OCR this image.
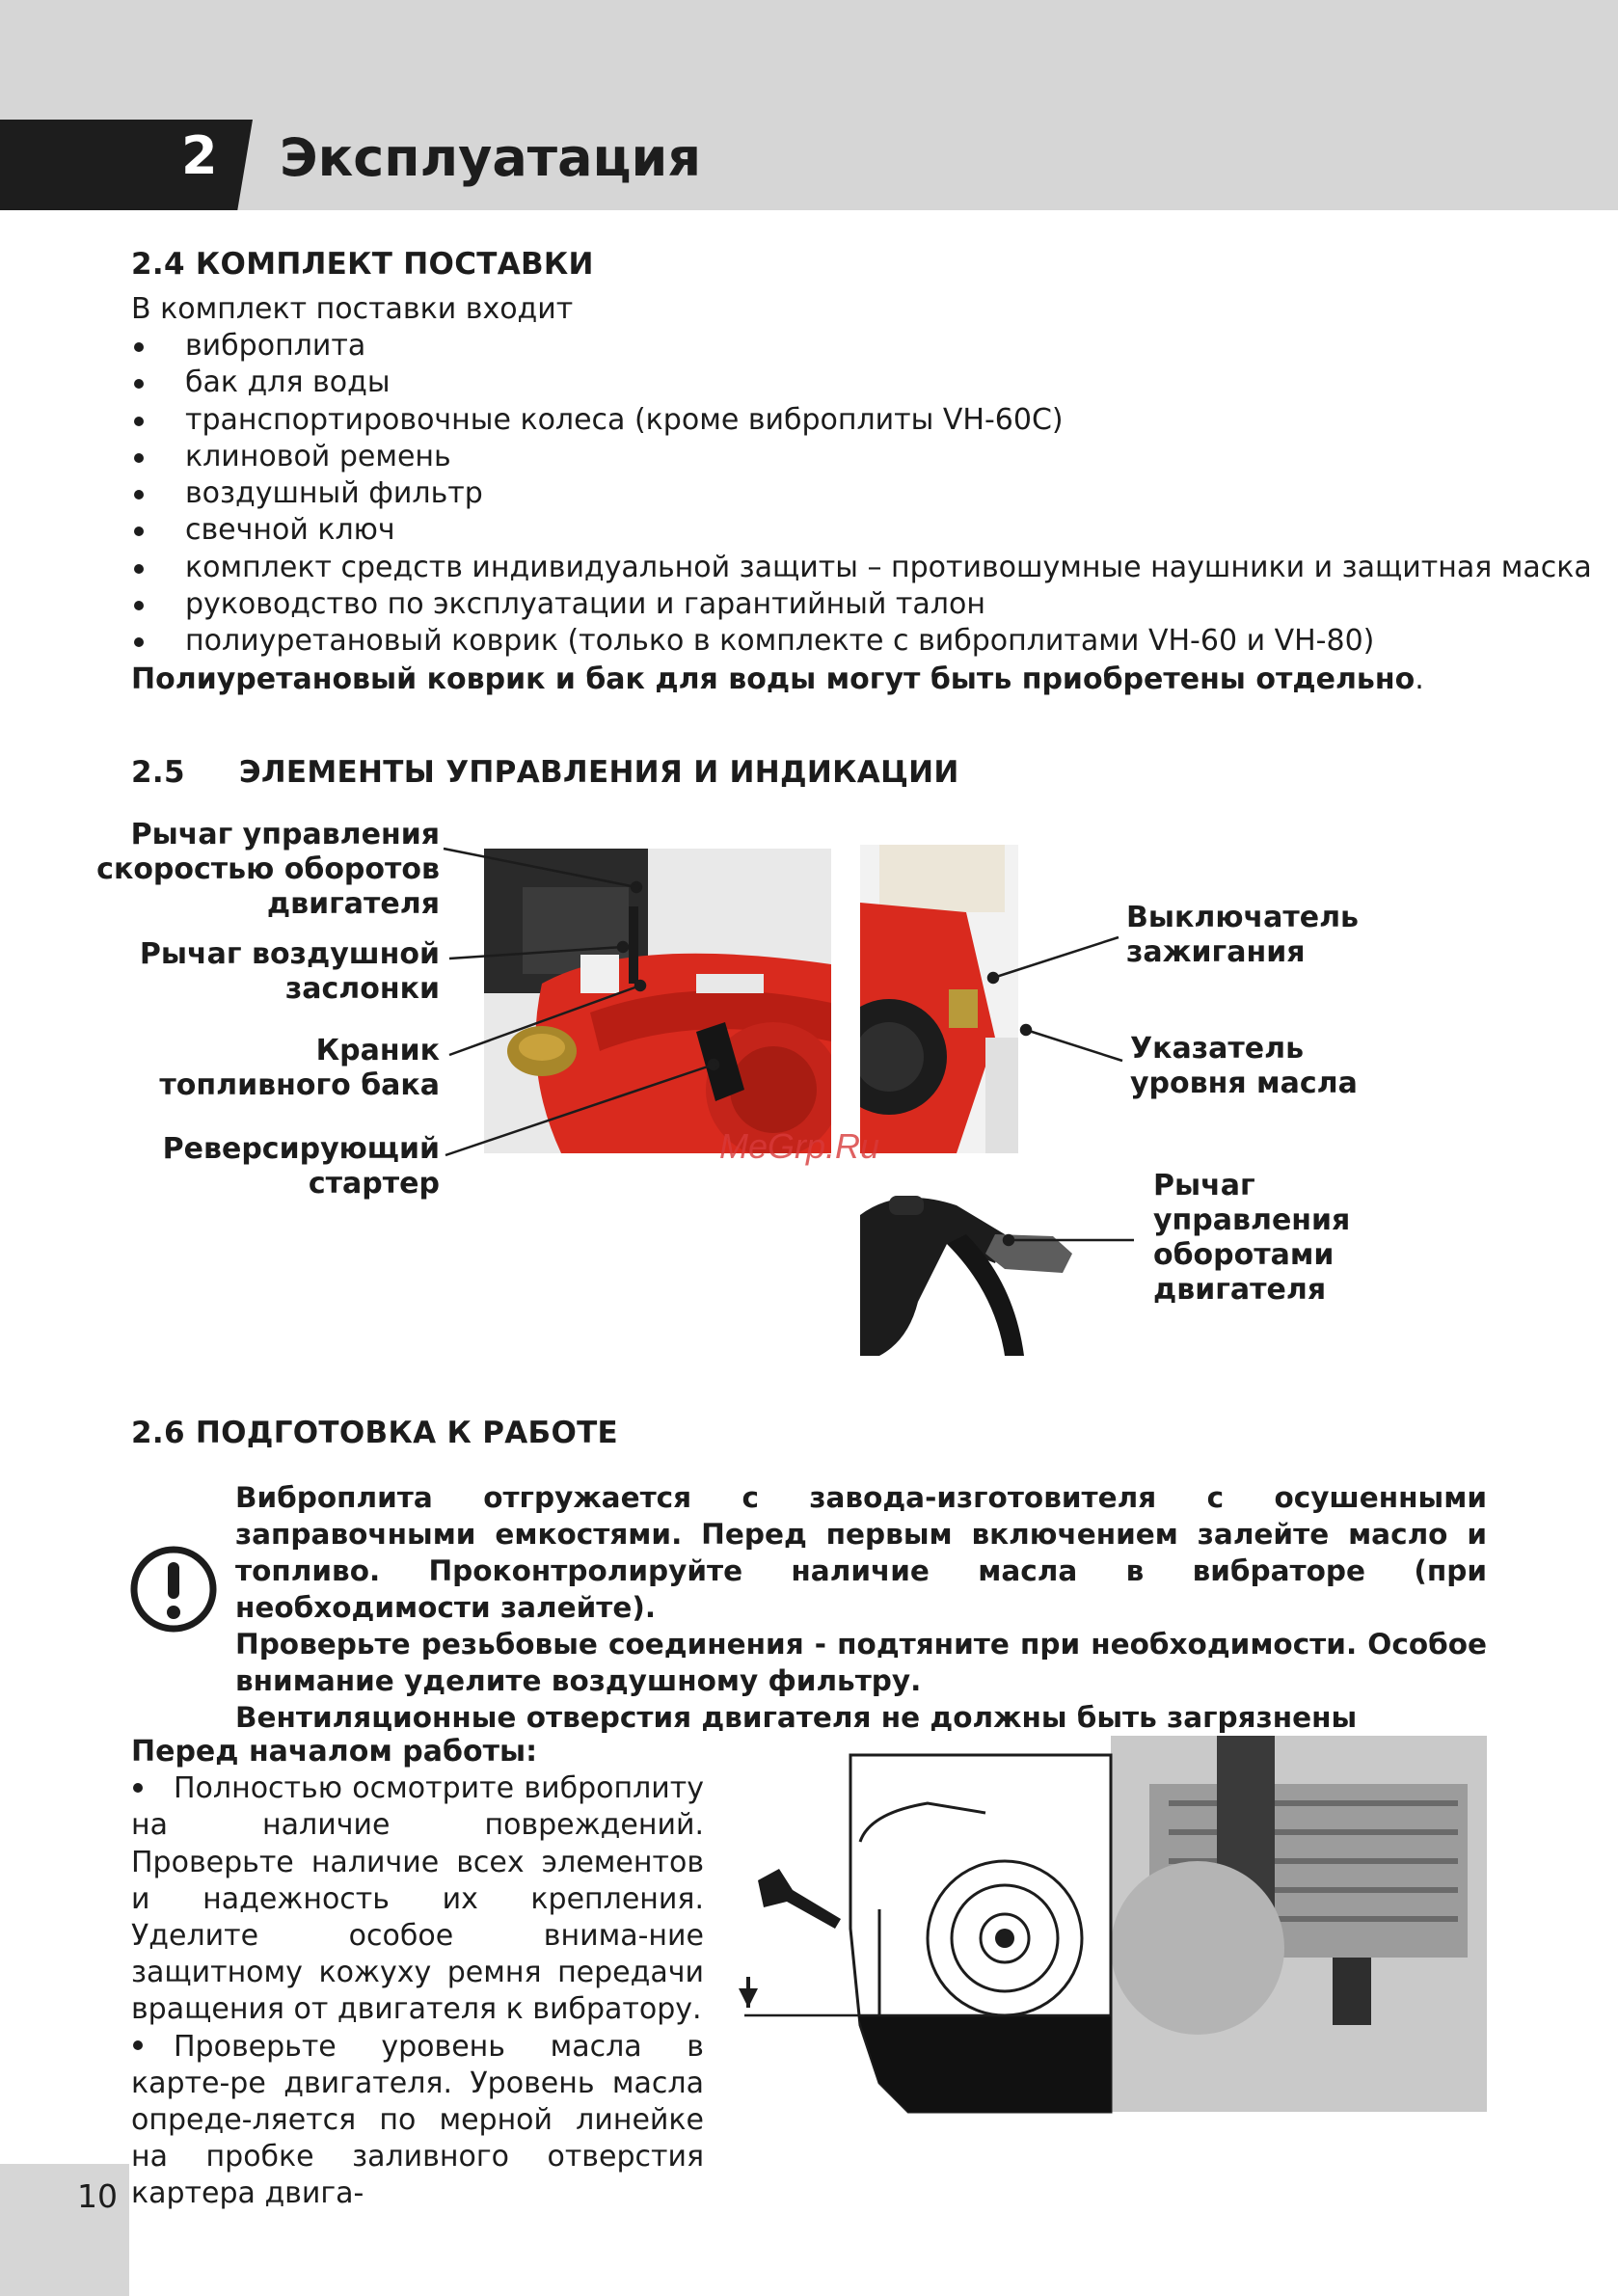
2 Эксплуатация
2.4 КОМПЛЕКТ ПОСТАВКИ
В комплект поставки входит
виброплита
бак для воды
транспортировочные колеса (кроме виброплиты VH-60C)
клиновой ремень
воздушный фильтр
свечной ключ
комплект средств индивидуальной защиты – противошумные наушники и защитная маска
руководство по эксплуатации и гарантийный талон
полиуретановый коврик (только в комплекте с виброплитами VH-60 и VH-80)
Полиуретановый коврик и бак для воды могут быть приобретены отдельно.
2.5 ЭЛЕМЕНТЫ УПРАВЛЕНИЯ И ИНДИКАЦИИ
Рычаг управления
скоростью оборотов
двигателя
Рычаг воздушной
заслонки
Краник
топливного бака
Реверсирующий
стартер
Выключатель
зажигания
Указатель
уровня масла
Рычаг
управления
оборотами
двигателя
MeGrp.Ru
2.6 ПОДГОТОВКА К РАБОТЕ
Виброплита отгружается с завода-изготовителя с осушенными заправочными емкостями. Перед первым включением залейте масло и топливо. Проконтролируйте наличие масла в вибраторе (при необходимости залейте).
Проверьте резьбовые соединения - подтяните при необходимости. Особое внимание уделите воздушному фильтру.
Вентиляционные отверстия двигателя не должны быть загрязнены
Перед началом работы:
Полностью осмотрите виброплиту на наличие повреждений. Проверьте наличие всех элементов и надежность их крепления. Уделите особое внима-ние защитному кожуху ремня передачи вращения от двигателя к вибратору.
Проверьте уровень масла в карте-ре двигателя. Уровень масла опреде-ляется по мерной линейке на пробке заливного отверстия картера двига-
10
